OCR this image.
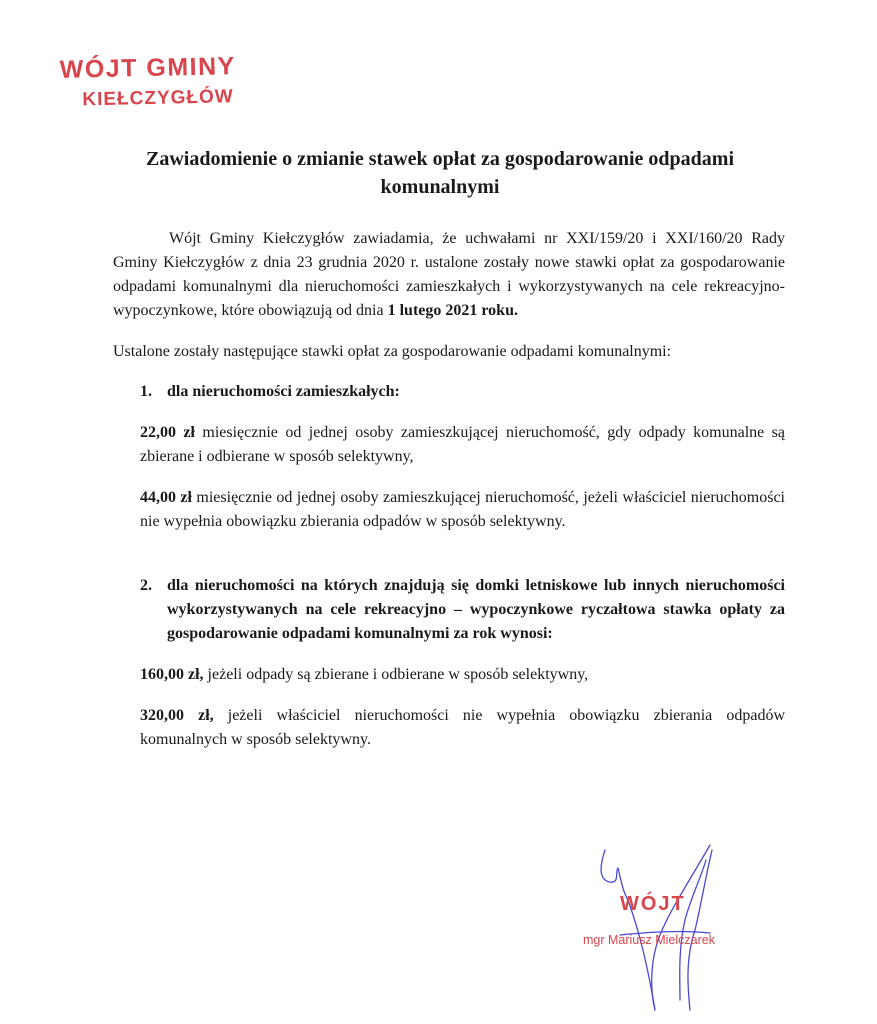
WÓJT GMINY
KIEŁCZYGŁÓW
Zawiadomienie o zmianie stawek opłat za gospodarowanie odpadami komunalnymi

Wójt Gminy Kiełczygłów zawiadamia, że uchwałami nr XXI/159/20 i XXI/160/20 Rady Gminy Kiełczygłów z dnia 23 grudnia 2020 r. ustalone zostały nowe stawki opłat za gospodarowanie odpadami komunalnymi dla nieruchomości zamieszkałych i wykorzystywanych na cele rekreacyjno-wypoczynkowe, które obowiązują od dnia 1 lutego 2021 roku.

Ustalone zostały następujące stawki opłat za gospodarowanie odpadami komunalnymi:

1. dla nieruchomości zamieszkałych:

22,00 zł miesięcznie od jednej osoby zamieszkującej nieruchomość, gdy odpady komunalne są zbierane i odbierane w sposób selektywny,

44,00 zł miesięcznie od jednej osoby zamieszkującej nieruchomość, jeżeli właściciel nieruchomości nie wypełnia obowiązku zbierania odpadów w sposób selektywny.

2. dla nieruchomości na których znajdują się domki letniskowe lub innych nieruchomości wykorzystywanych na cele rekreacyjno – wypoczynkowe ryczałtowa stawka opłaty za gospodarowanie odpadami komunalnymi za rok wynosi:

160,00 zł, jeżeli odpady są zbierane i odbierane w sposób selektywny,

320,00 zł, jeżeli właściciel nieruchomości nie wypełnia obowiązku zbierania odpadów komunalnych w sposób selektywny.

WÓJT
mgr Mariusz Mielczarek
